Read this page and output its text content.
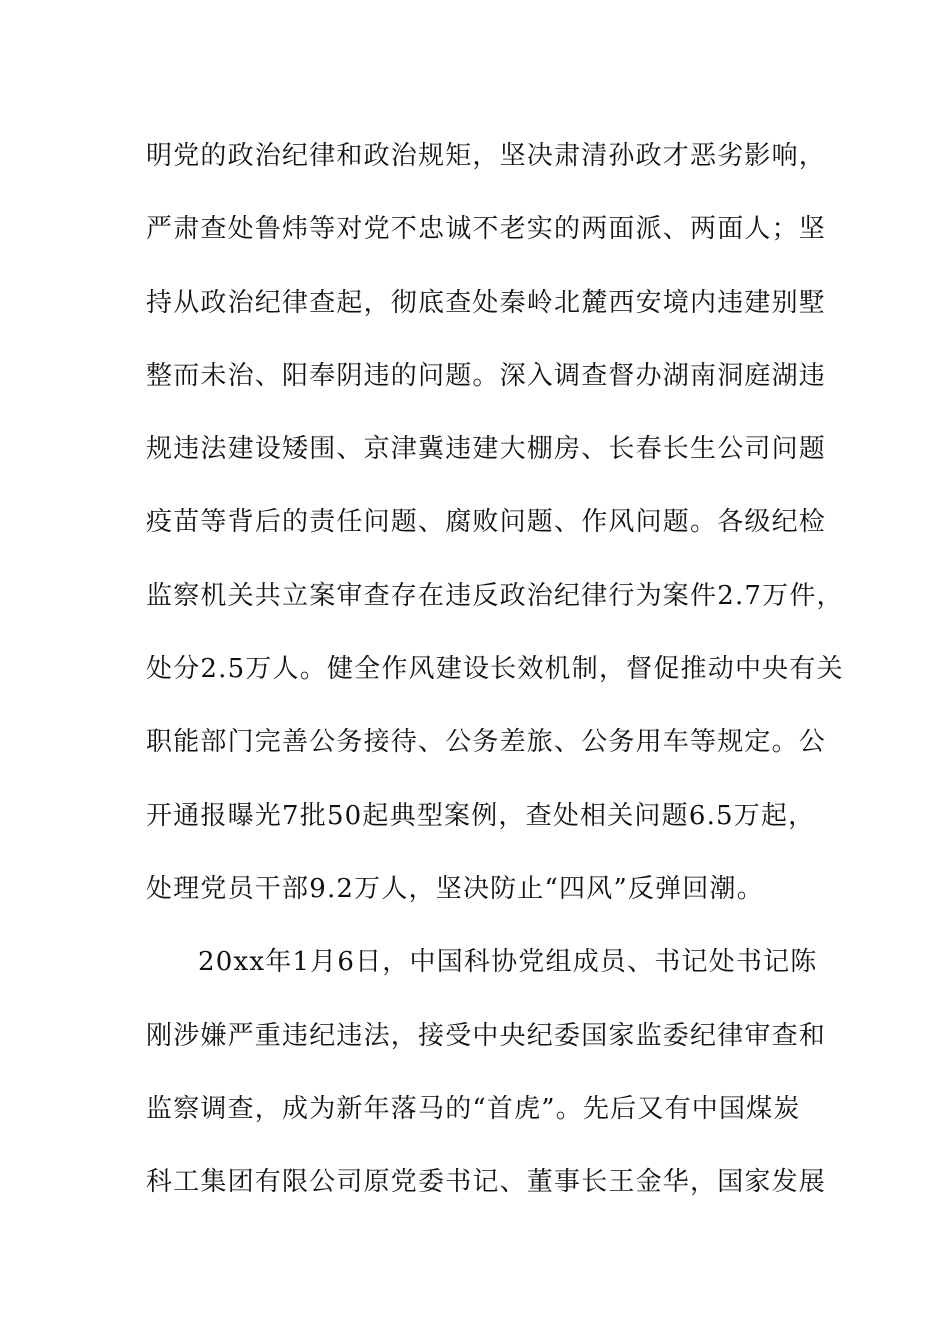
明党的政治纪律和政治规矩，坚决肃清孙政才恶劣影响，
严肃查处鲁炜等对党不忠诚不老实的两面派、两面人；坚
持从政治纪律查起，彻底查处秦岭北麓西安境内违建别墅
整而未治、阳奉阴违的问题。深入调查督办湖南洞庭湖违
规违法建设矮围、京津冀违建大棚房、长春长生公司问题
疫苗等背后的责任问题、腐败问题、作风问题。各级纪检
监察机关共立案审查存在违反政治纪律行为案件2.7万件，
处分2.5万人。健全作风建设长效机制，督促推动中央有关
职能部门完善公务接待、公务差旅、公务用车等规定。公
开通报曝光7批50起典型案例，查处相关问题6.5万起，
处理党员干部9.2万人，坚决防止“四风”反弹回潮。
20xx年1月6日，中国科协党组成员、书记处书记陈
刚涉嫌严重违纪违法，接受中央纪委国家监委纪律审查和
监察调查，成为新年落马的“首虎”。先后又有中国煤炭
科工集团有限公司原党委书记、董事长王金华，国家发展
